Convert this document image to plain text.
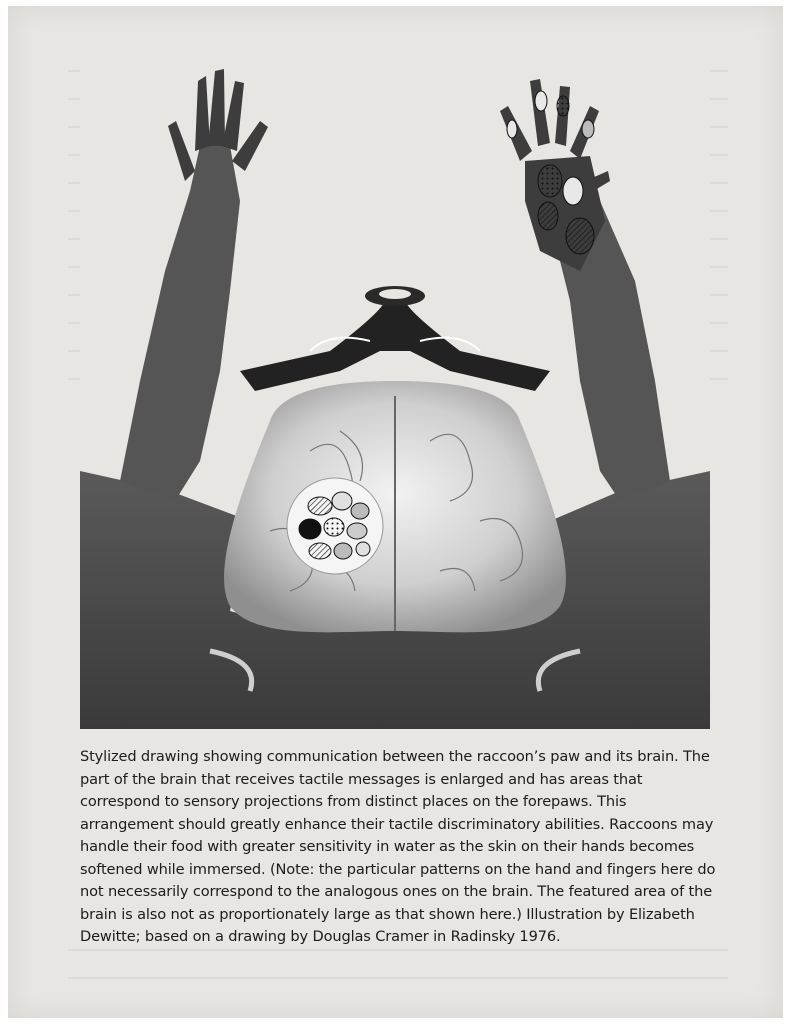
Stylized drawing showing communication between the raccoon’s paw and its brain. The part of the brain that receives tactile messages is enlarged and has areas that correspond to sensory projections from distinct places on the forepaws. This arrangement should greatly enhance their tactile discriminatory abilities. Raccoons may handle their food with greater sensitivity in water as the skin on their hands becomes softened while immersed. (Note: the particular patterns on the hand and fingers here do not necessarily correspond to the analogous ones on the brain. The featured area of the brain is also not as proportionately large as that shown here.) Illustration by Elizabeth Dewitte; based on a drawing by Douglas Cramer in Radinsky 1976.
